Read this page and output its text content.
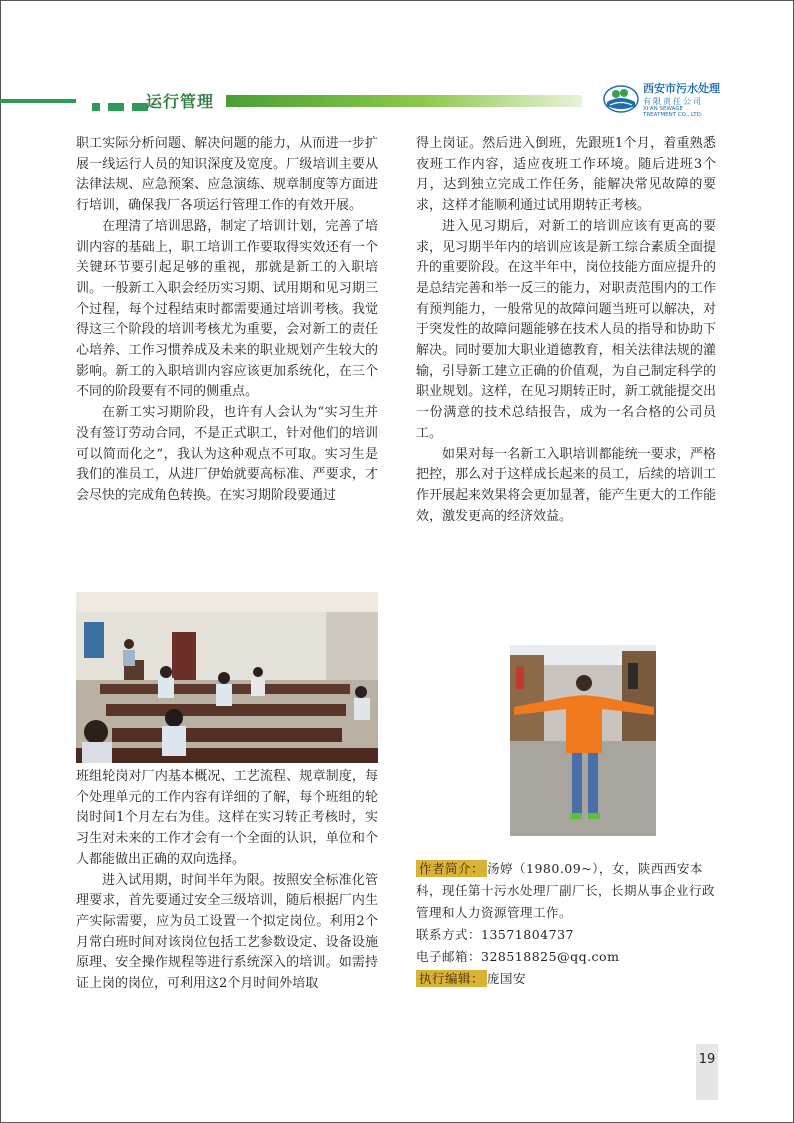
运行管理
西安市污水处理
有限责任公司
XI'AN SEWAGE
TREATMENT CO., LTD.

职工实际分析问题、解决问题的能力，从而进一步扩展一线运行人员的知识深度及宽度。厂级培训主要从法律法规、应急预案、应急演练、规章制度等方面进行培训，确保我厂各项运行管理工作的有效开展。

在理清了培训思路，制定了培训计划，完善了培训内容的基础上，职工培训工作要取得实效还有一个关键环节要引起足够的重视，那就是新工的入职培训。一般新工入职会经历实习期、试用期和见习期三个过程，每个过程结束时都需要通过培训考核。我觉得这三个阶段的培训考核尤为重要，会对新工的责任心培养、工作习惯养成及未来的职业规划产生较大的影响。新工的入职培训内容应该更加系统化，在三个不同的阶段要有不同的侧重点。

在新工实习期阶段，也许有人会认为“实习生并没有签订劳动合同，不是正式职工，针对他们的培训可以简而化之”，我认为这种观点不可取。实习生是我们的准员工，从进厂伊始就要高标准、严要求，才会尽快的完成角色转换。在实习期阶段要通过

班组轮岗对厂内基本概况、工艺流程、规章制度，每个处理单元的工作内容有详细的了解，每个班组的轮岗时间1个月左右为佳。这样在实习转正考核时，实习生对未来的工作才会有一个全面的认识，单位和个人都能做出正确的双向选择。

进入试用期，时间半年为限。按照安全标准化管理要求，首先要通过安全三级培训，随后根据厂内生产实际需要，应为员工设置一个拟定岗位。利用2个月常白班时间对该岗位包括工艺参数设定、设备设施原理、安全操作规程等进行系统深入的培训。如需持证上岗的岗位，可利用这2个月时间外培取

得上岗证。然后进入倒班，先跟班1个月，着重熟悉夜班工作内容，适应夜班工作环境。随后进班3个月，达到独立完成工作任务，能解决常见故障的要求，这样才能顺利通过试用期转正考核。

进入见习期后，对新工的培训应该有更高的要求，见习期半年内的培训应该是新工综合素质全面提升的重要阶段。在这半年中，岗位技能方面应提升的是总结完善和举一反三的能力，对职责范围内的工作有预判能力，一般常见的故障问题当班可以解决，对于突发性的故障问题能够在技术人员的指导和协助下解决。同时要加大职业道德教育，相关法律法规的灌输，引导新工建立正确的价值观，为自己制定科学的职业规划。这样，在见习期转正时，新工就能提交出一份满意的技术总结报告，成为一名合格的公司员工。

如果对每一名新工入职培训都能统一要求，严格把控，那么对于这样成长起来的员工，后续的培训工作开展起来效果将会更加显著，能产生更大的工作能效，激发更高的经济效益。

作者简介： 汤婷（1980.09~），女，陕西西安本科，现任第十污水处理厂副厂长，长期从事企业行政管理和人力资源管理工作。

联系方式：13571804737

电子邮箱：328518825@qq.com

执行编辑： 庞国安

19
